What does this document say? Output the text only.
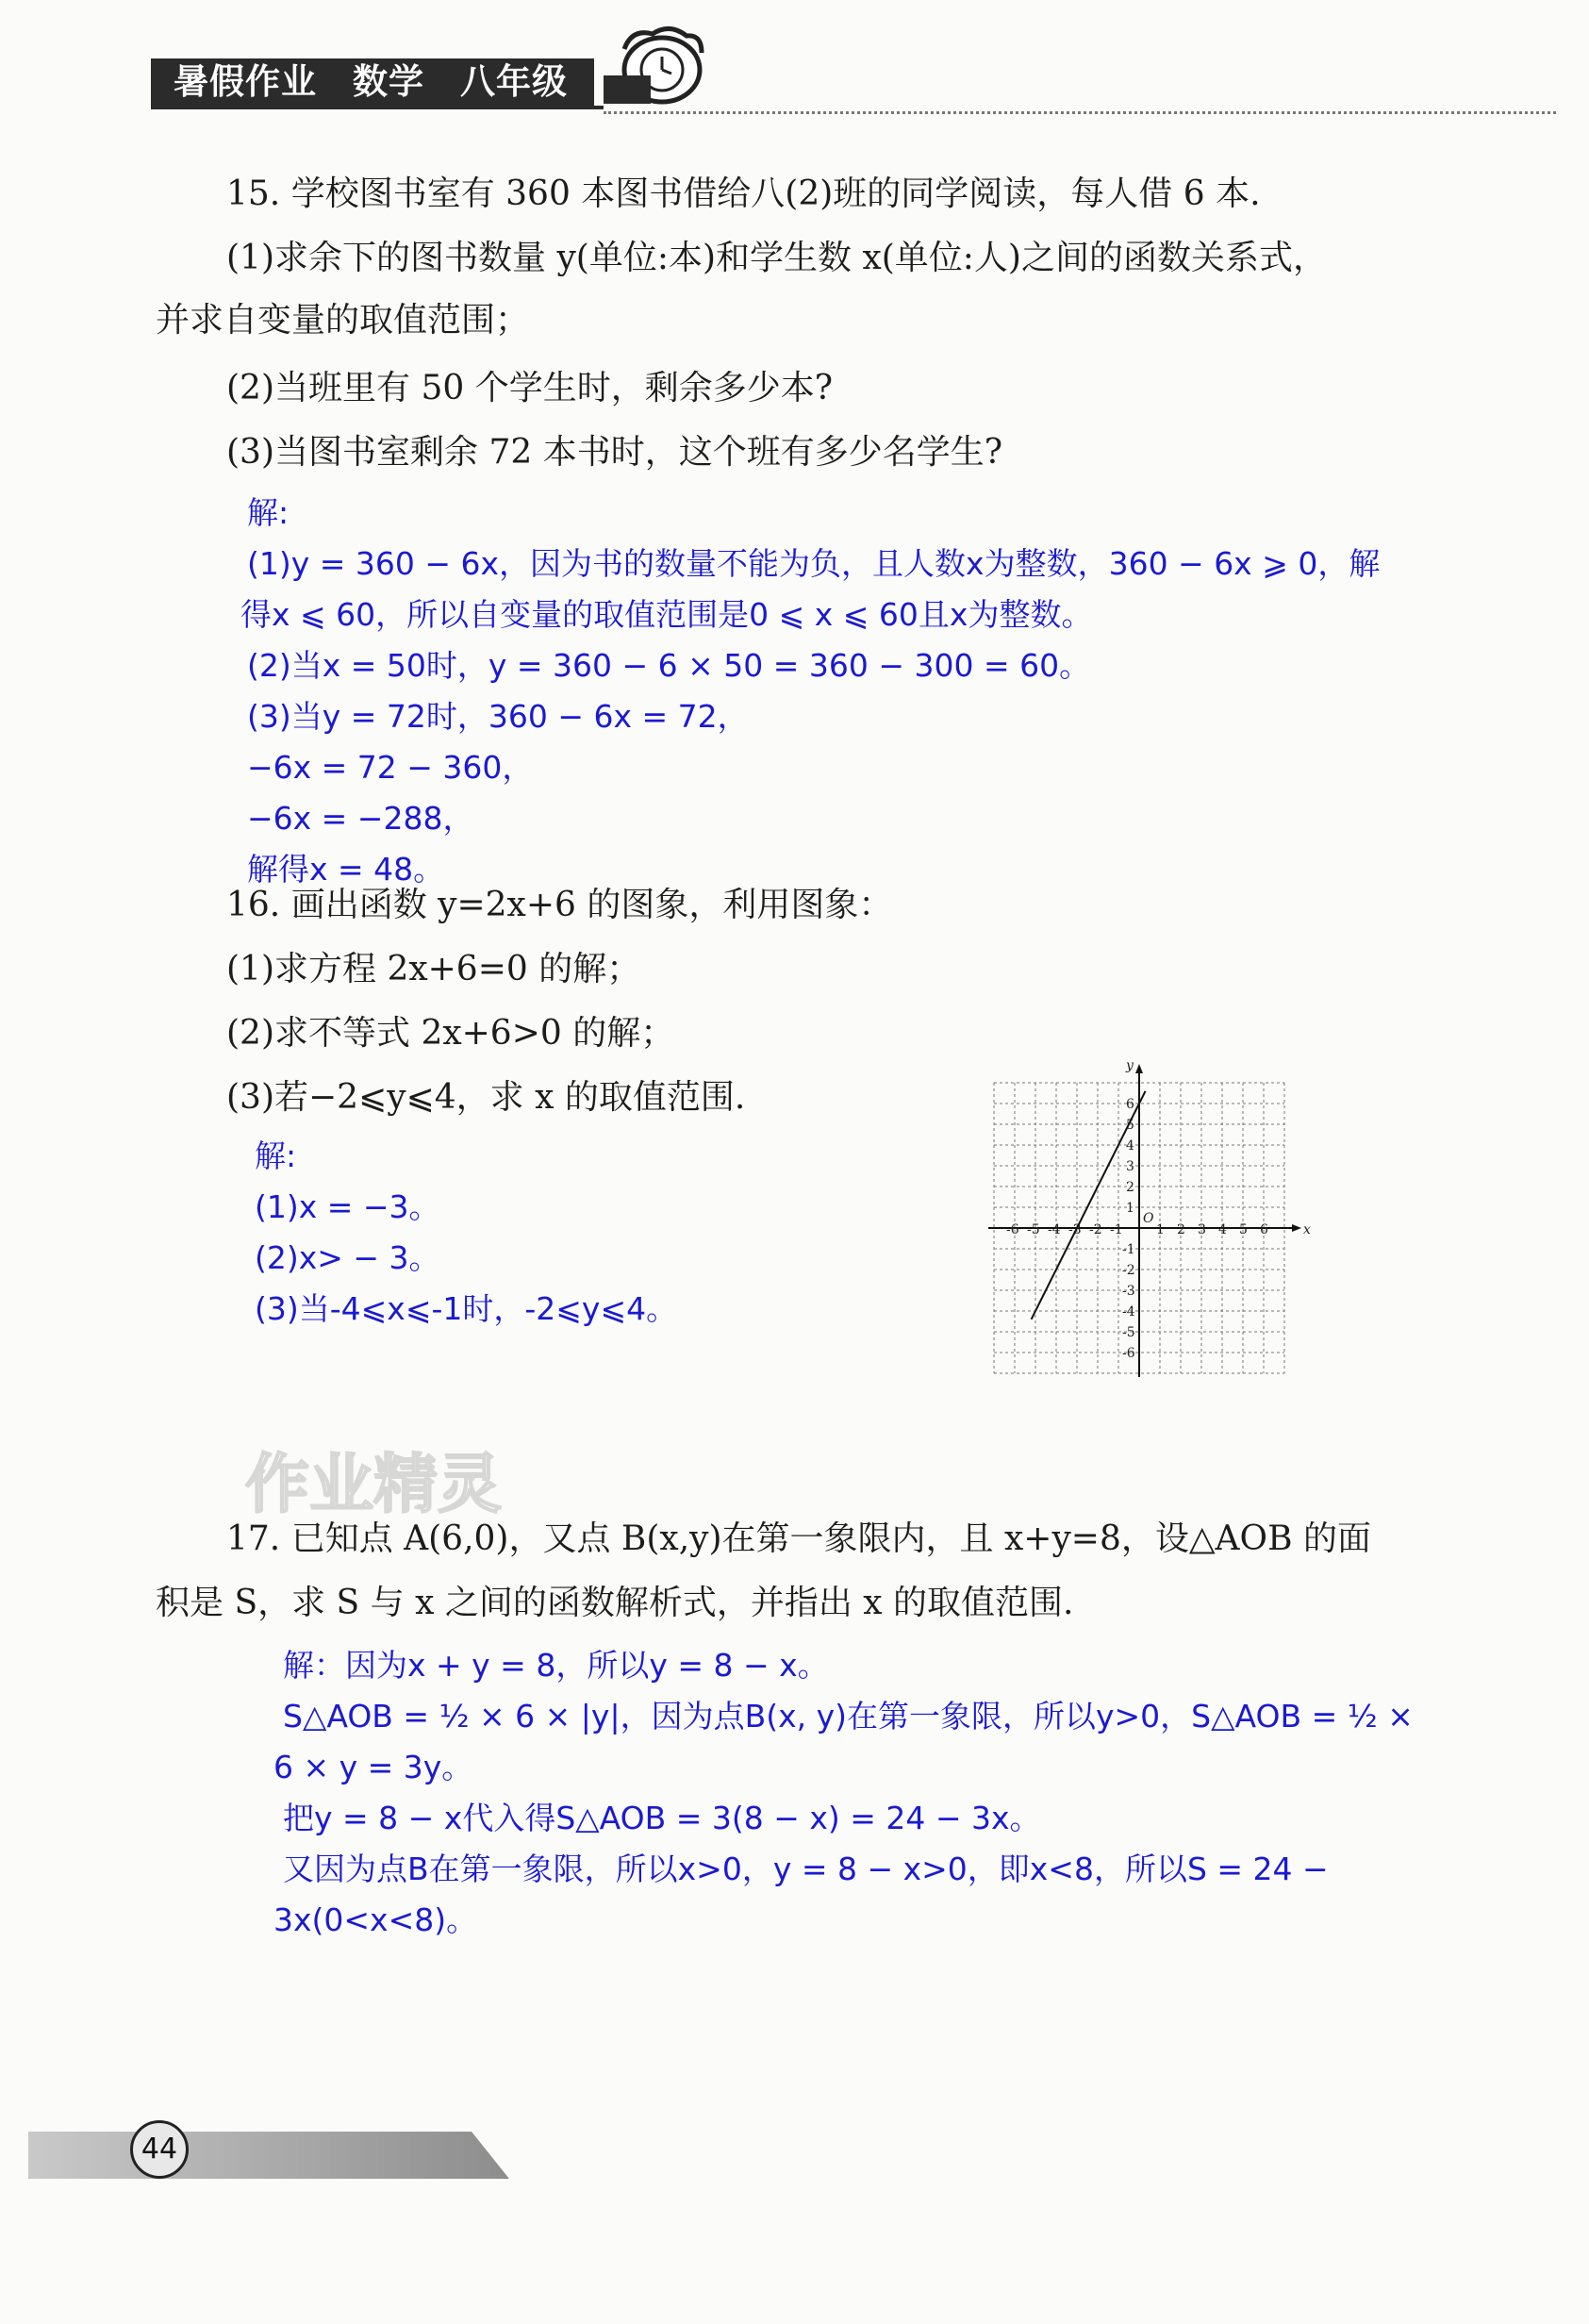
暑假作业 数学 八年级
15. 学校图书室有 360 本图书借给八(2)班的同学阅读，每人借 6 本.
(1)求余下的图书数量 y(单位:本)和学生数 x(单位:人)之间的函数关系式，
并求自变量的取值范围；
(2)当班里有 50 个学生时，剩余多少本?
(3)当图书室剩余 72 本书时，这个班有多少名学生?
解:
(1)y = 360 − 6x，因为书的数量不能为负，且人数x为整数，360 − 6x ⩾ 0，解
得x ⩽ 60，所以自变量的取值范围是0 ⩽ x ⩽ 60且x为整数。
(2)当x = 50时，y = 360 − 6 × 50 = 360 − 300 = 60。
(3)当y = 72时，360 − 6x = 72，
−6x = 72 − 360，
−6x = −288，
解得x = 48。
16. 画出函数 y=2x+6 的图象，利用图象：
(1)求方程 2x+6=0 的解；
(2)求不等式 2x+6>0 的解；
(3)若−2⩽y⩽4，求 x 的取值范围.
解:
(1)x = −3。
(2)x> − 3。
(3)当-4⩽x⩽-1时，-2⩽y⩽4。
x
y
O
-6 -5 -4 -3 -2 -1	1 2 3 4 5 6
6
5
4
3
2
1
-1
-2
-3
-4
-5
-6
作业精灵
17. 已知点 A(6,0)，又点 B(x,y)在第一象限内，且 x+y=8，设△AOB 的面
积是 S，求 S 与 x 之间的函数解析式，并指出 x 的取值范围.
解：因为x + y = 8，所以y = 8 − x。
S△AOB = ½ × 6 × |y|，因为点B(x, y)在第一象限，所以y>0，S△AOB = ½ ×
6 × y = 3y。
把y = 8 − x代入得S△AOB = 3(8 − x) = 24 − 3x。
又因为点B在第一象限，所以x>0，y = 8 − x>0，即x<8，所以S = 24 −
3x(0<x<8)。
44
